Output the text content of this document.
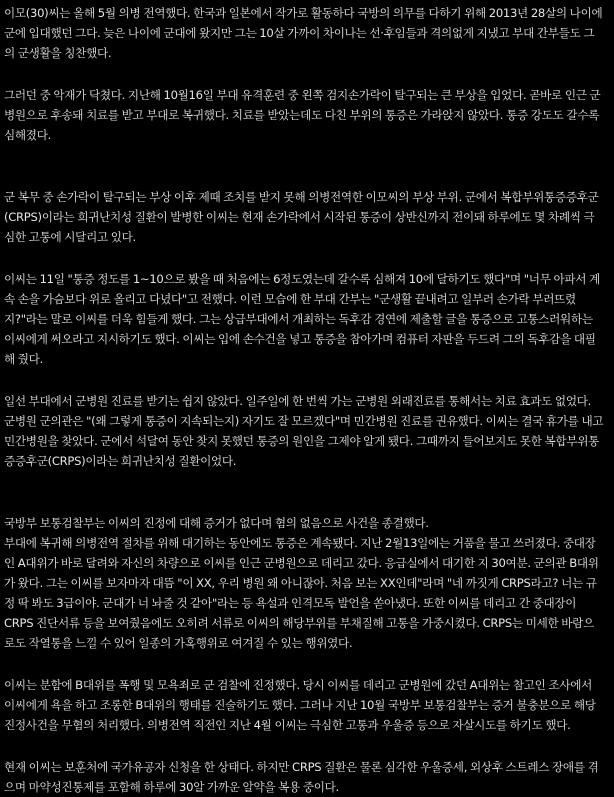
이모(30)씨는 올해 5월 의병 전역했다. 한국과 일본에서 작가로 활동하다 국방의 의무를 다하기 위해 2013년 28살의 나이에
군에 입대했던 그다. 늦은 나이에 군대에 왔지만 그는 10살 가까이 차이나는 선·후임들과 격의없게 지냈고 부대 간부들도 그
의 군생활을 칭찬했다.

그러던 중 악재가 닥쳤다. 지난해 10월16일 부대 유격훈련 중 왼쪽 검지손가락이 탈구되는 큰 부상을 입었다. 곧바로 인근 군
병원으로 후송돼 치료를 받고 부대로 복귀했다. 치료를 받았는데도 다친 부위의 통증은 가라앉지 않았다. 통증 강도도 갈수록
심해졌다.

군 복무 중 손가락이 탈구되는 부상 이후 제때 조치를 받지 못해 의병전역한 이모씨의 부상 부위. 군에서 복합부위통증증후군
(CRPS)이라는 희귀난치성 질환이 발병한 이씨는 현재 손가락에서 시작된 통증이 상반신까지 전이돼 하루에도 몇 차례씩 극
심한 고통에 시달리고 있다.

이씨는 11일 "통증 정도를 1∼10으로 봤을 때 처음에는 6정도였는데 갈수록 심해져 10에 달하기도 했다"며 "너무 아파서 계
속 손을 가슴보다 위로 올리고 다녔다"고 전했다. 이런 모습에 한 부대 간부는 "군생활 끝내려고 일부러 손가락 부러뜨렸
지?"라는 말로 이씨를 더욱 힘들게 했다. 그는 상급부대에서 개최하는 독후감 경연에 제출할 글을 통증으로 고통스러워하는
이씨에게 써오라고 지시하기도 했다. 이씨는 입에 손수건을 넣고 통증을 참아가며 컴퓨터 자판을 두드려 그의 독후감을 대필
해 줬다.

일선 부대에서 군병원 진료를 받기는 쉽지 않았다. 일주일에 한 번씩 가는 군병원 외래진료를 통해서는 치료 효과도 없었다.
군병원 군의관은 "(왜 그렇게 통증이 지속되는지) 자기도 잘 모르겠다"며 민간병원 진료를 권유했다. 이씨는 결국 휴가를 내고
민간병원을 찾았다. 군에서 석달여 동안 찾지 못했던 통증의 원인을 그제야 알게 됐다. 그때까지 들어보지도 못한 복합부위통
증증후군(CRPS)이라는 희귀난치성 질환이었다.

국방부 보통검찰부는 이씨의 진정에 대해 증거가 없다며 혐의 없음으로 사건을 종결했다.
부대에 복귀해 의병전역 절차를 위해 대기하는 동안에도 통증은 계속됐다. 지난 2월13일에는 거품을 물고 쓰러졌다. 중대장
인 A대위가 바로 달려와 자신의 차량으로 이씨를 인근 군병원으로 데리고 갔다. 응급실에서 대기한 지 30여분. 군의관 B대위
가 왔다. 그는 이씨를 보자마자 대뜸 "이 XX, 우리 병원 왜 아니잖아. 처음 보는 XX인데"라며 "네 까짓게 CRPS라고? 너는 규
정 딱 봐도 3급이야. 군대가 너 놔줄 것 같아"라는 등 욕설과 인격모독 발언을 쏟아냈다. 또한 이씨를 데리고 간 중대장이
CRPS 진단서류 등을 보여줬음에도 오히려 서류로 이씨의 해당부위를 부채질해 고통을 가중시켰다. CRPS는 미세한 바람으
로도 작열통을 느낄 수 있어 일종의 가혹행위로 여겨질 수 있는 행위였다.

이씨는 분함에 B대위를 폭행 및 모욕죄로 군 검찰에 진정했다. 당시 이씨를 데리고 군병원에 갔던 A대위는 참고인 조사에서
이씨에게 욕을 하고 조롱한 B대위의 행태를 진술하기도 했다. 그러나 지난 10월 국방부 보통검찰부는 증거 불충분으로 해당
진정사건을 무혐의 처리했다. 의병전역 직전인 지난 4월 이씨는 극심한 고통과 우울증 등으로 자살시도를 하기도 했다.

현재 이씨는 보훈처에 국가유공자 신청을 한 상태다. 하지만 CRPS 질환은 물론 심각한 우울증세, 외상후 스트레스 장애를 겪
으며 마약성진통제를 포함해 하루에 30알 가까운 알약을 복용 중이다.
